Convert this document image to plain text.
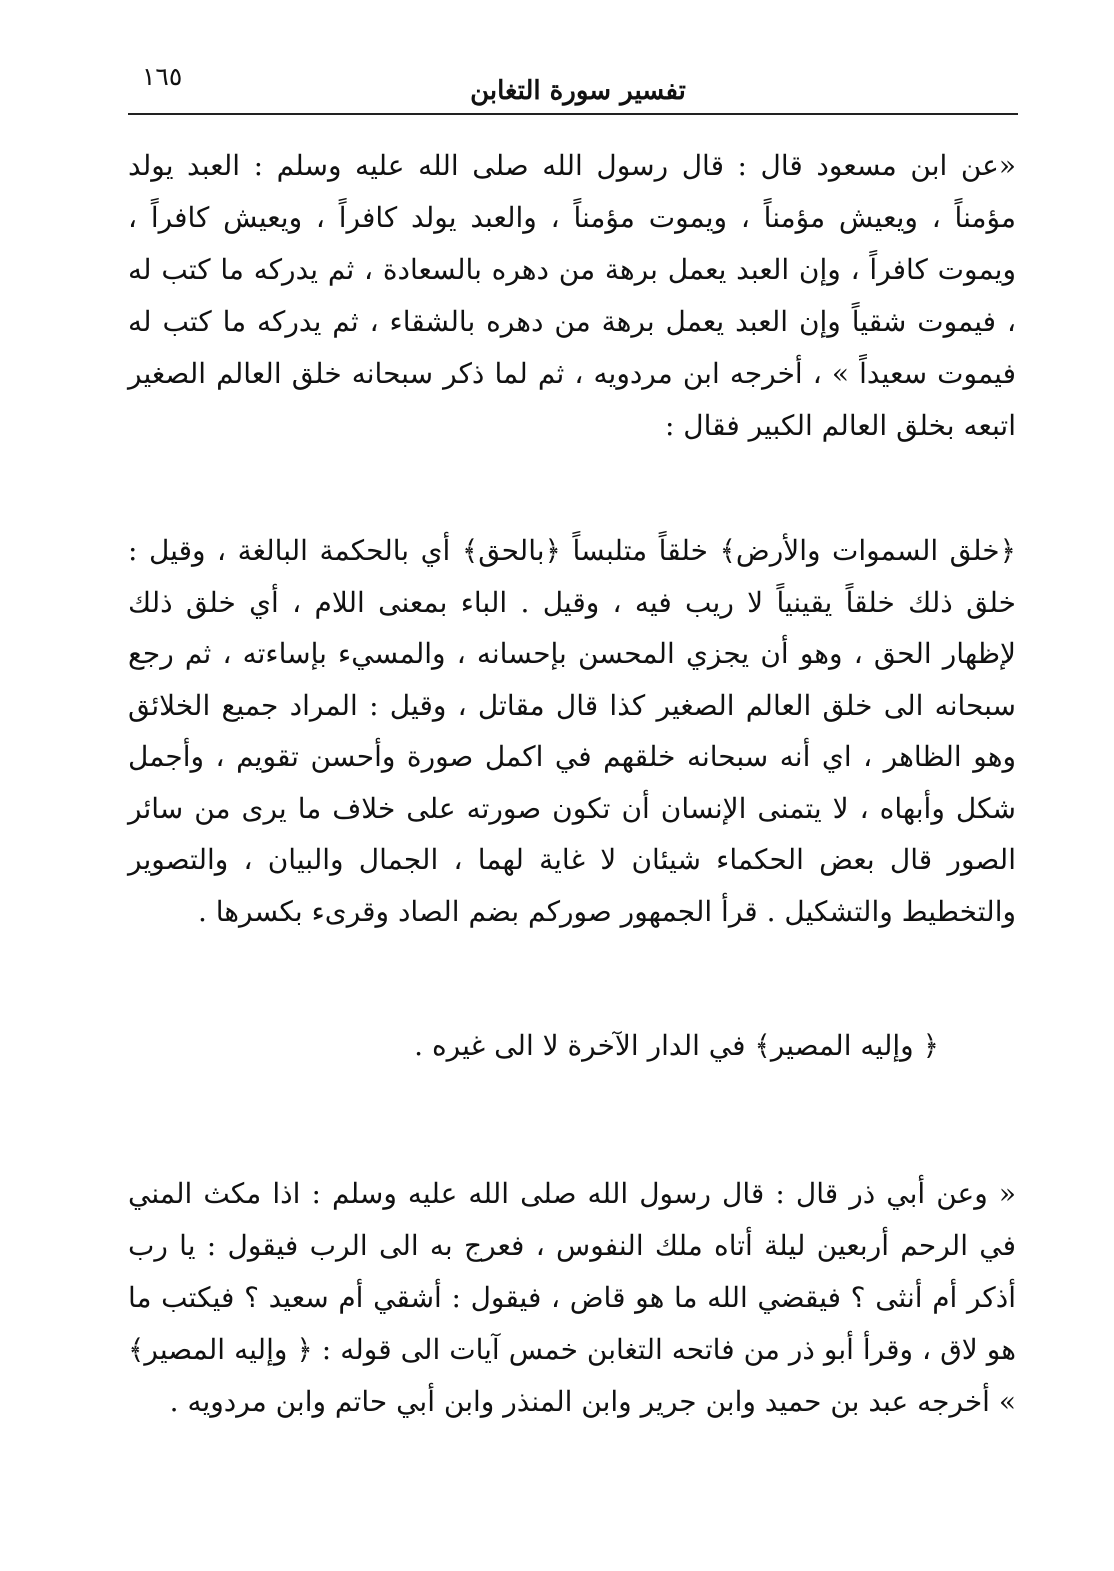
١٦٥	تفسير سورة التغابن

«عن ابن مسعود قال : قال رسول الله صلى الله عليه وسلم : العبد يولد مؤمناً ، ويعيش مؤمناً ، ويموت مؤمناً ، والعبد يولد كافراً ، ويعيش كافراً ، ويموت كافراً ، وإن العبد يعمل برهة من دهره بالسعادة ، ثم يدركه ما كتب له ، فيموت شقياً وإن العبد يعمل برهة من دهره بالشقاء ، ثم يدركه ما كتب له فيموت سعيداً » ، أخرجه ابن مردويه ، ثم لما ذكر سبحانه خلق العالم الصغير اتبعه بخلق العالم الكبير فقال :

﴿خلق السموات والأرض﴾ خلقاً متلبساً ﴿بالحق﴾ أي بالحكمة البالغة ، وقيل : خلق ذلك خلقاً يقينياً لا ريب فيه ، وقيل . الباء بمعنى اللام ، أي خلق ذلك لإظهار الحق ، وهو أن يجزي المحسن بإحسانه ، والمسيء بإساءته ، ثم رجع سبحانه الى خلق العالم الصغير كذا قال مقاتل ، وقيل : المراد جميع الخلائق وهو الظاهر ، اي أنه سبحانه خلقهم في اكمل صورة وأحسن تقويم ، وأجمل شكل وأبهاه ، لا يتمنى الإنسان أن تكون صورته على خلاف ما يرى من سائر الصور قال بعض الحكماء شيئان لا غاية لهما ، الجمال والبيان ، والتصوير والتخطيط والتشكيل . قرأ الجمهور صوركم بضم الصاد وقرىء بكسرها .

﴿ وإليه المصير﴾ في الدار الآخرة لا الى غيره .

« وعن أبي ذر قال : قال رسول الله صلى الله عليه وسلم : اذا مكث المني في الرحم أربعين ليلة أتاه ملك النفوس ، فعرج به الى الرب فيقول : يا رب أذكر أم أنثى ؟ فيقضي الله ما هو قاض ، فيقول : أشقي أم سعيد ؟ فيكتب ما هو لاق ، وقرأ أبو ذر من فاتحه التغابن خمس آيات الى قوله : ﴿ وإليه المصير﴾ » أخرجه عبد بن حميد وابن جرير وابن المنذر وابن أبي حاتم وابن مردويه .
